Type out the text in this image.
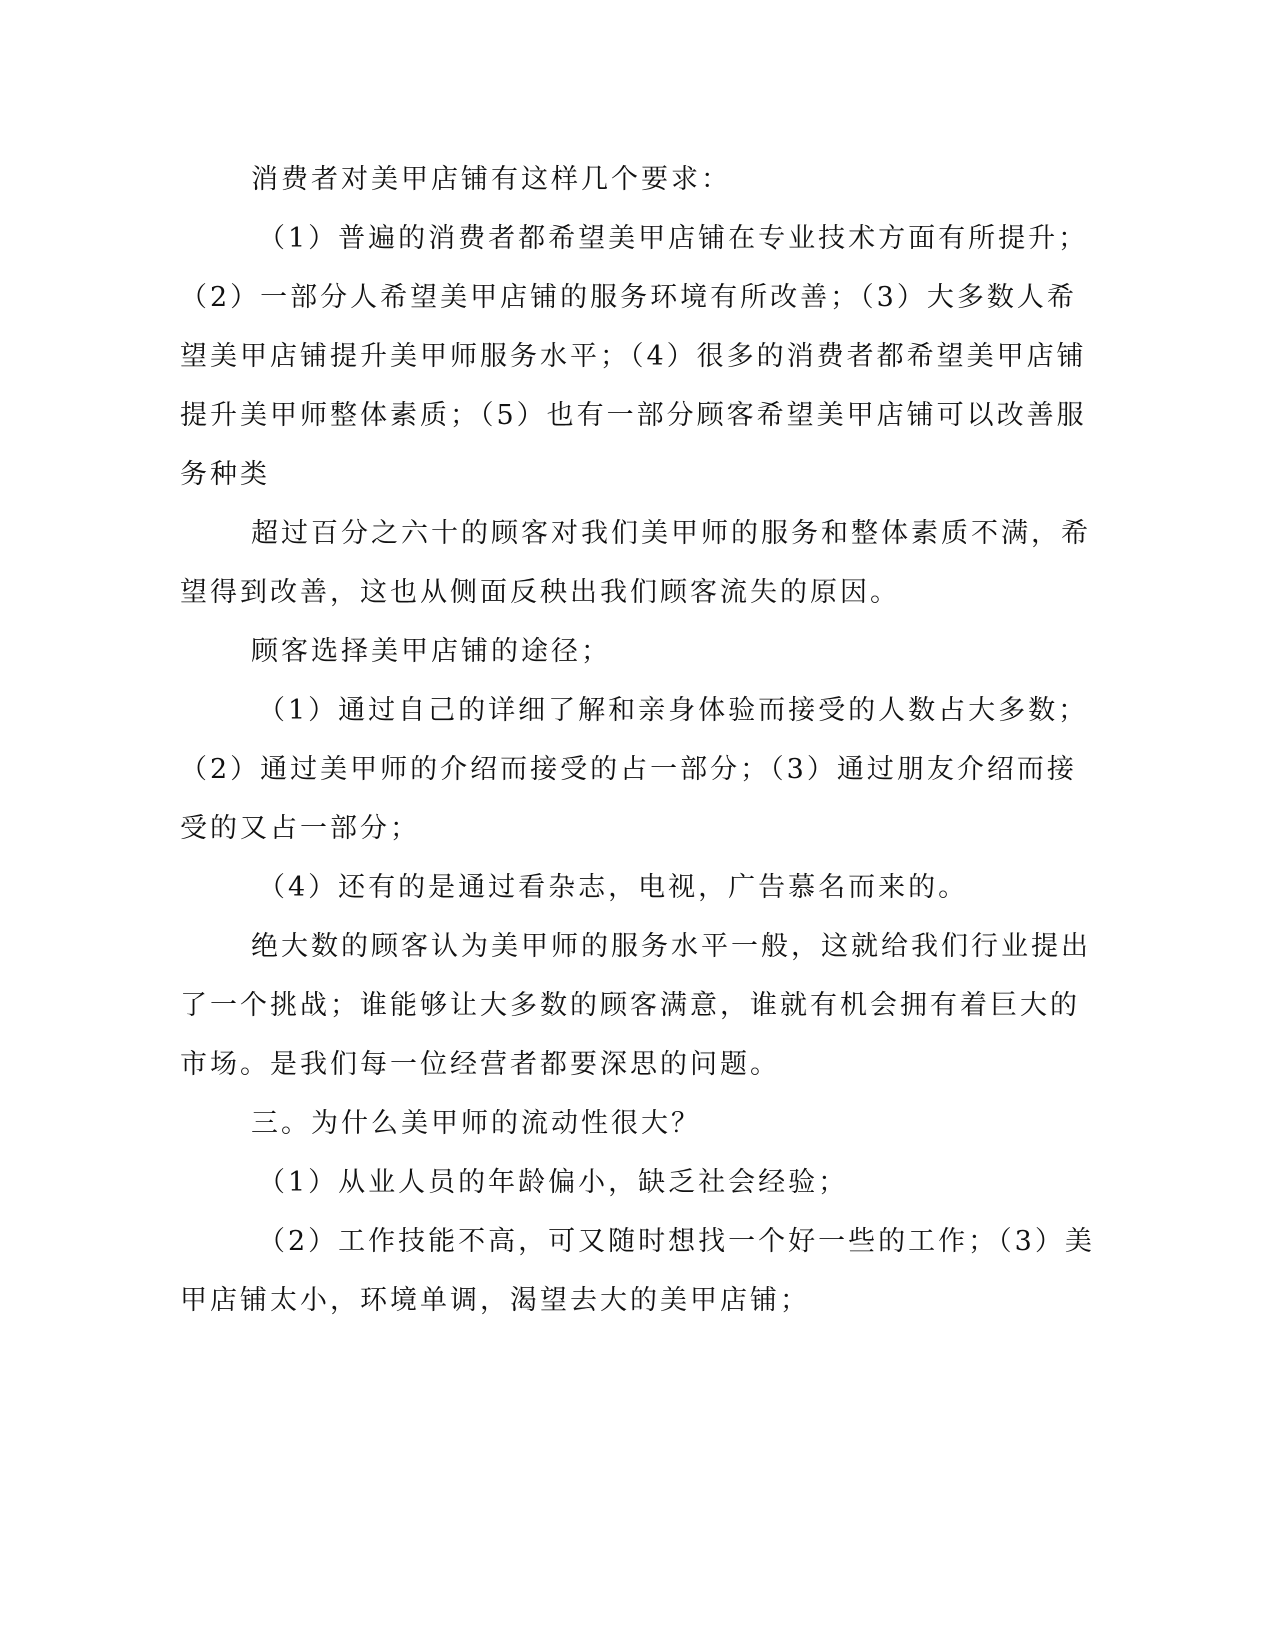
消费者对美甲店铺有这样几个要求：
（1）普遍的消费者都希望美甲店铺在专业技术方面有所提升；
（2）一部分人希望美甲店铺的服务环境有所改善；（3）大多数人希
望美甲店铺提升美甲师服务水平；（4）很多的消费者都希望美甲店铺
提升美甲师整体素质；（5）也有一部分顾客希望美甲店铺可以改善服
务种类
超过百分之六十的顾客对我们美甲师的服务和整体素质不满，希
望得到改善，这也从侧面反秧出我们顾客流失的原因。
顾客选择美甲店铺的途径；
（1）通过自己的详细了解和亲身体验而接受的人数占大多数；
（2）通过美甲师的介绍而接受的占一部分；（3）通过朋友介绍而接
受的又占一部分；
（4）还有的是通过看杂志，电视，广告慕名而来的。
绝大数的顾客认为美甲师的服务水平一般，这就给我们行业提出
了一个挑战；谁能够让大多数的顾客满意，谁就有机会拥有着巨大的
市场。是我们每一位经营者都要深思的问题。
三。为什么美甲师的流动性很大？
（1）从业人员的年龄偏小，缺乏社会经验；
（2）工作技能不高，可又随时想找一个好一些的工作；（3）美
甲店铺太小，环境单调，渴望去大的美甲店铺；
